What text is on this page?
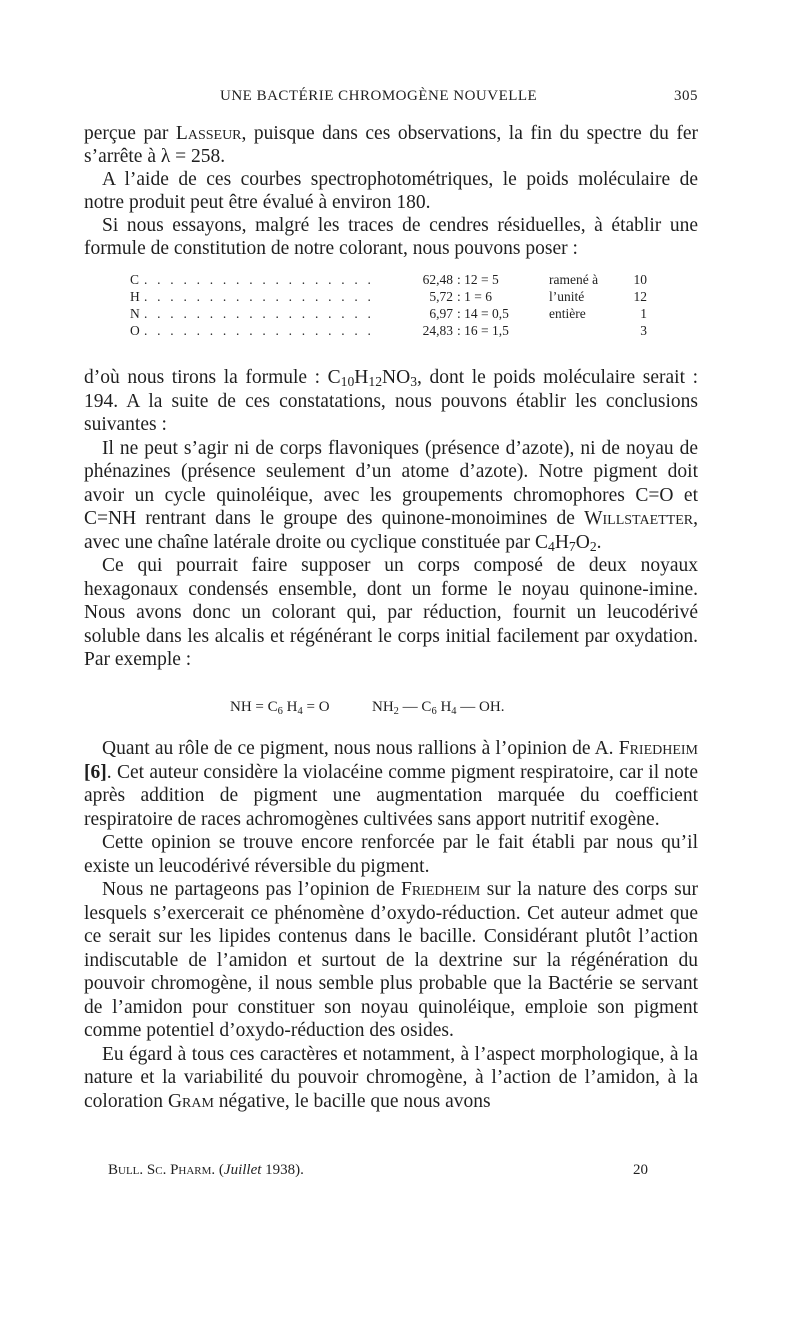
UNE BACTÉRIE CHROMOGÈNE NOUVELLE	305

perçue par Lasseur, puisque dans ces observations, la fin du spectre du fer s’arrête à λ = 258.

A l’aide de ces courbes spectrophotométriques, le poids moléculaire de notre produit peut être évalué à environ 180.

Si nous essayons, malgré les traces de cendres résiduelles, à établir une formule de constitution de notre colorant, nous pouvons poser :

C	. . . . . . . . . . . . . . . . . .	62,48	: 12 = 5	ramené à	10
H	. . . . . . . . . . . . . . . . . .	5,72	: 1 = 6	l’unité	12
N	. . . . . . . . . . . . . . . . . .	6,97	: 14 = 0,5	entière	1
O	. . . . . . . . . . . . . . . . . .	24,83	: 16 = 1,5		3

d’où nous tirons la formule : $C_{10}H_{12}NO_3$, dont le poids moléculaire serait : 194. A la suite de ces constatations, nous pouvons établir les conclusions suivantes :

Il ne peut s’agir ni de corps flavoniques (présence d’azote), ni de noyau de phénazines (présence seulement d’un atome d’azote). Notre pigment doit avoir un cycle quinoléique, avec les groupements chromophores C=O et C=NH rentrant dans le groupe des quinone-monoimines de Willstaetter, avec une chaîne latérale droite ou cyclique constituée par $C_4H_7O_2$.

Ce qui pourrait faire supposer un corps composé de deux noyaux hexagonaux condensés ensemble, dont un forme le noyau quinone-imine. Nous avons donc un colorant qui, par réduction, fournit un leucodérivé soluble dans les alcalis et régénérant le corps initial facilement par oxydation. Par exemple :

NH = $C_6$ $H_4 = O$	$NH_2$ — $C_6$ $H_4$ — OH.

Quant au rôle de ce pigment, nous nous rallions à l’opinion de A. Friedheim [6]. Cet auteur considère la violacéine comme pigment respiratoire, car il note après addition de pigment une augmentation marquée du coefficient respiratoire de races achromogènes cultivées sans apport nutritif exogène.

Cette opinion se trouve encore renforcée par le fait établi par nous qu’il existe un leucodérivé réversible du pigment.

Nous ne partageons pas l’opinion de Friedheim sur la nature des corps sur lesquels s’exercerait ce phénomène d’oxydo-réduction. Cet auteur admet que ce serait sur les lipides contenus dans le bacille. Considérant plutôt l’action indiscutable de l’amidon et surtout de la dextrine sur la régénération du pouvoir chromogène, il nous semble plus probable que la Bactérie se servant de l’amidon pour constituer son noyau quinoléique, emploie son pigment comme potentiel d’oxydo-réduction des osides.

Eu égard à tous ces caractères et notamment, à l’aspect morphologique, à la nature et la variabilité du pouvoir chromogène, à l’action de l’amidon, à la coloration Gram négative, le bacille que nous avons

Bull. Sc. Pharm. (Juillet 1938).	20
